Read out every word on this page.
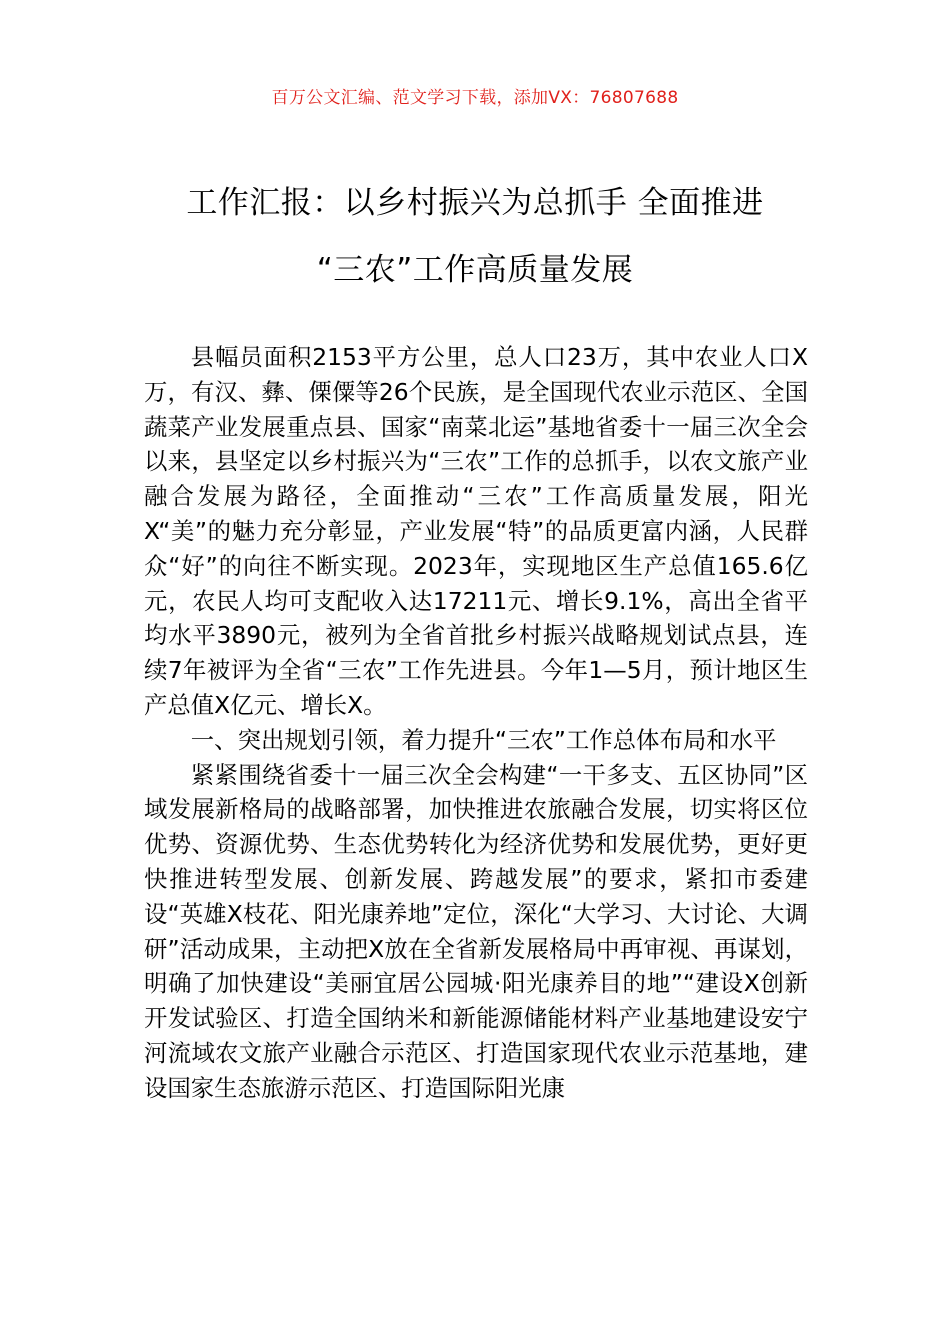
百万公文汇编、范文学习下载，添加VX：76807688
工作汇报：以乡村振兴为总抓手 全面推进
“三农”工作高质量发展

县幅员面积2153平方公里，总人口23万，其中农业人口X万，有汉、彝、傈僳等26个民族，是全国现代农业示范区、全国蔬菜产业发展重点县、国家“南菜北运”基地省委十一届三次全会以来，县坚定以乡村振兴为“三农”工作的总抓手，以农文旅产业融合发展为路径，全面推动“三农”工作高质量发展，阳光X“美”的魅力充分彰显，产业发展“特”的品质更富内涵，人民群众“好”的向往不断实现。2023年，实现地区生产总值165.6亿元，农民人均可支配收入达17211元、增长9.1%，高出全省平均水平3890元，被列为全省首批乡村振兴战略规划试点县，连续7年被评为全省“三农”工作先进县。今年1—5月，预计地区生产总值X亿元、增长X。

一、突出规划引领，着力提升“三农”工作总体布局和水平

紧紧围绕省委十一届三次全会构建“一干多支、五区协同”区域发展新格局的战略部署，加快推进农旅融合发展，切实将区位优势、资源优势、生态优势转化为经济优势和发展优势，更好更快推进转型发展、创新发展、跨越发展”的要求，紧扣市委建设“英雄X枝花、阳光康养地”定位，深化“大学习、大讨论、大调研”活动成果，主动把X放在全省新发展格局中再审视、再谋划，明确了加快建设“美丽宜居公园城·阳光康养目的地”“建设X创新开发试验区、打造全国纳米和新能源储能材料产业基地建设安宁河流域农文旅产业融合示范区、打造国家现代农业示范基地，建设国家生态旅游示范区、打造国际阳光康
